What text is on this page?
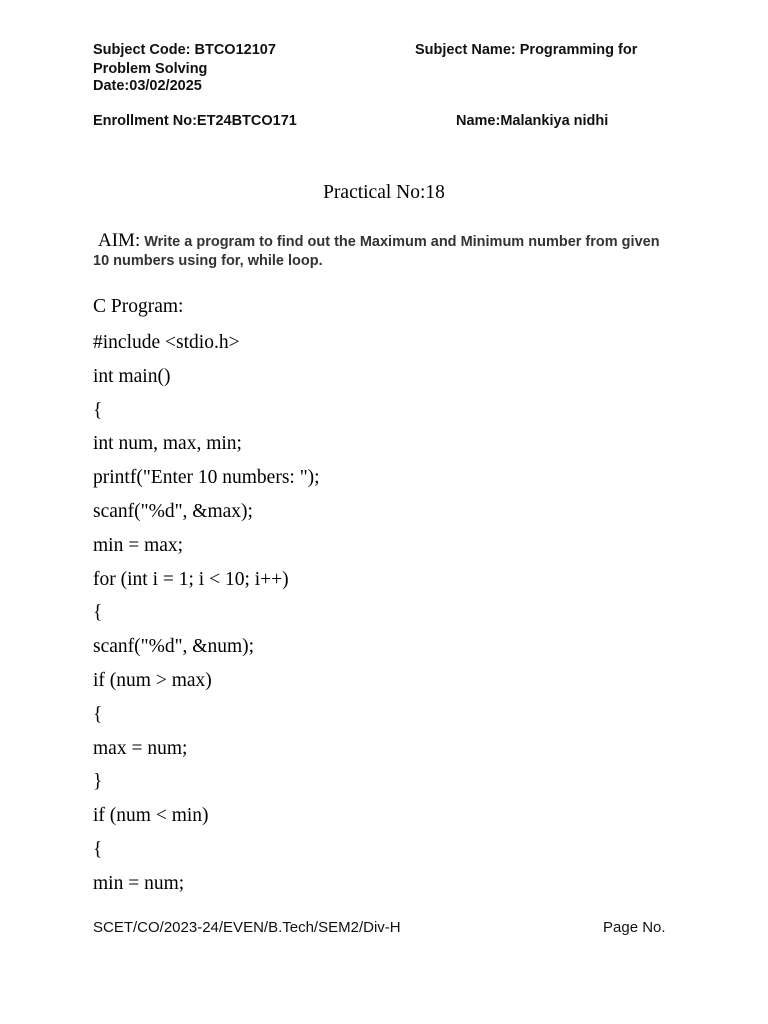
Subject Code: BTCO12107	Subject Name: Programming for
Problem Solving
Date:03/02/2025
Enrollment No:ET24BTCO171	Name:Malankiya nidhi
Practical No:18
AIM: Write a program to find out the Maximum and Minimum number from given 10 numbers using for, while loop.
C Program:
#include <stdio.h>
int main()
{
int num, max, min;
printf("Enter 10 numbers: ");
scanf("%d", &max);
min = max;
for (int i = 1; i < 10; i++)
{
scanf("%d", &num);
if (num > max)
{
max = num;
}
if (num < min)
{
min = num;
SCET/CO/2023-24/EVEN/B.Tech/SEM2/Div-H	Page No.
